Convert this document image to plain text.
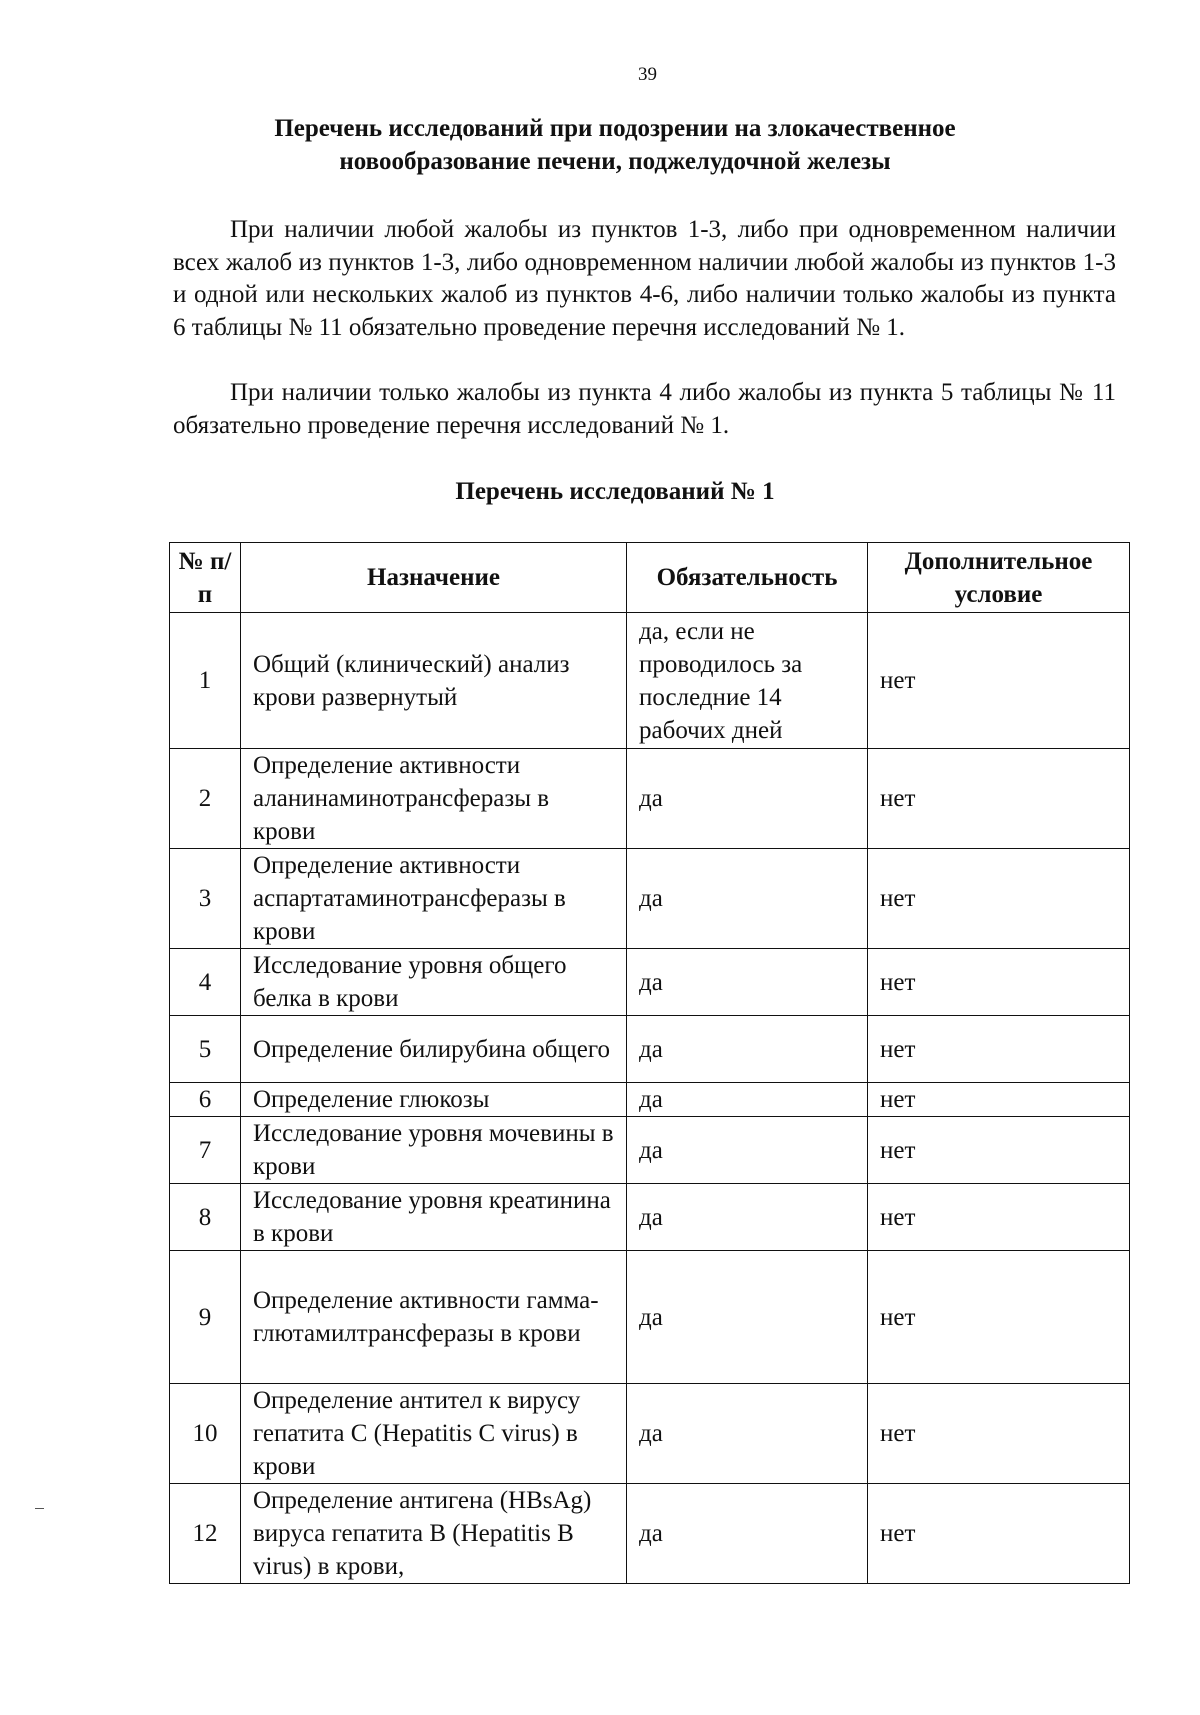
39
Перечень исследований при подозрении на злокачественное
новообразование печени, поджелудочной железы

При наличии любой жалобы из пунктов 1-3, либо при одновременном наличии всех жалоб из пунктов 1-3, либо одновременном наличии любой жалобы из пунктов 1-3 и одной или нескольких жалоб из пунктов 4-6, либо наличии только жалобы из пункта 6 таблицы № 11 обязательно проведение перечня исследований № 1.

При наличии только жалобы из пункта 4 либо жалобы из пункта 5 таблицы № 11 обязательно проведение перечня исследований № 1.

Перечень исследований № 1
№ п/п	Назначение	Обязательность	Дополнительное условие
1	Общий (клинический) анализ крови развернутый	да, если не проводилось за последние 14 рабочих дней	нет
2	Определение активности аланинаминотрансферазы в крови	да	нет
3	Определение активности аспартатаминотрансферазы в крови	да	нет
4	Исследование уровня общего белка в крови	да	нет
5	Определение билирубина общего	да	нет
6	Определение глюкозы	да	нет
7	Исследование уровня мочевины в крови	да	нет
8	Исследование уровня креатинина в крови	да	нет
9	Определение активности гамма-глютамилтрансферазы в крови	да	нет
10	Определение антител к вирусу гепатита C (Hepatitis C virus) в крови	да	нет
12	Определение антигена (HBsAg) вируса гепатита B (Hepatitis B virus) в крови,	да	нет
